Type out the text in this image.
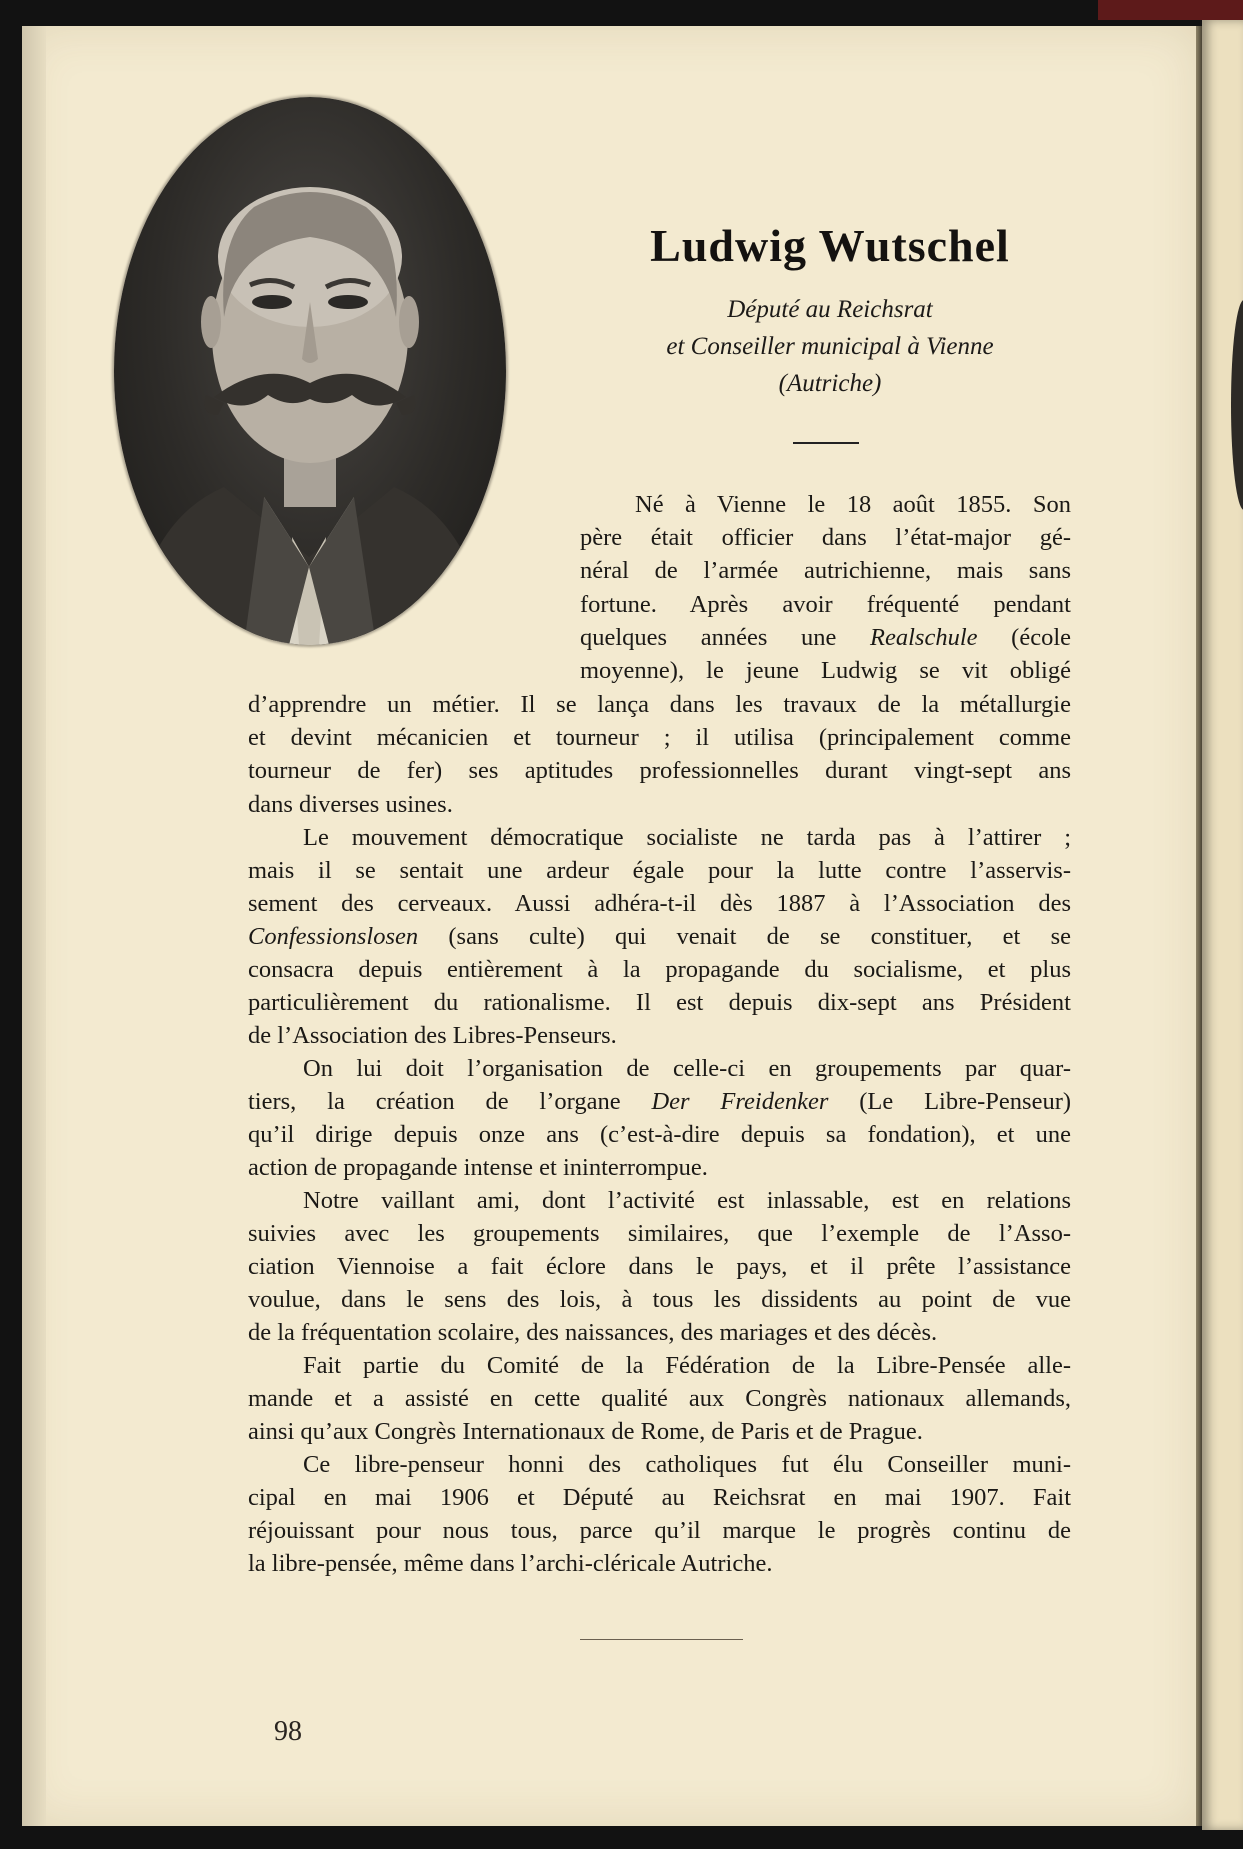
Ludwig Wutschel
Député au Reichsrat
et Conseiller municipal à Vienne
(Autriche)
Né à Vienne le 18 août 1855. Son
père était officier dans l’état-major gé-
néral de l’armée autrichienne, mais sans
fortune. Après avoir fréquenté pendant
quelques années une Realschule (école
moyenne), le jeune Ludwig se vit obligé
d’apprendre un métier. Il se lança dans les travaux de la métallurgie
et devint mécanicien et tourneur ; il utilisa (principalement comme
tourneur de fer) ses aptitudes professionnelles durant vingt-sept ans
dans diverses usines.
Le mouvement démocratique socialiste ne tarda pas à l’attirer ;
mais il se sentait une ardeur égale pour la lutte contre l’asservis-
sement des cerveaux. Aussi adhéra-t-il dès 1887 à l’Association des
Confessionslosen (sans culte) qui venait de se constituer, et se
consacra depuis entièrement à la propagande du socialisme, et plus
particulièrement du rationalisme. Il est depuis dix-sept ans Président
de l’Association des Libres-Penseurs.
On lui doit l’organisation de celle-ci en groupements par quar-
tiers, la création de l’organe Der Freidenker (Le Libre-Penseur)
qu’il dirige depuis onze ans (c’est-à-dire depuis sa fondation), et une
action de propagande intense et ininterrompue.
Notre vaillant ami, dont l’activité est inlassable, est en relations
suivies avec les groupements similaires, que l’exemple de l’Asso-
ciation Viennoise a fait éclore dans le pays, et il prête l’assistance
voulue, dans le sens des lois, à tous les dissidents au point de vue
de la fréquentation scolaire, des naissances, des mariages et des décès.
Fait partie du Comité de la Fédération de la Libre-Pensée alle-
mande et a assisté en cette qualité aux Congrès nationaux allemands,
ainsi qu’aux Congrès Internationaux de Rome, de Paris et de Prague.
Ce libre-penseur honni des catholiques fut élu Conseiller muni-
cipal en mai 1906 et Député au Reichsrat en mai 1907. Fait
réjouissant pour nous tous, parce qu’il marque le progrès continu de
la libre-pensée, même dans l’archi-cléricale Autriche.
98
